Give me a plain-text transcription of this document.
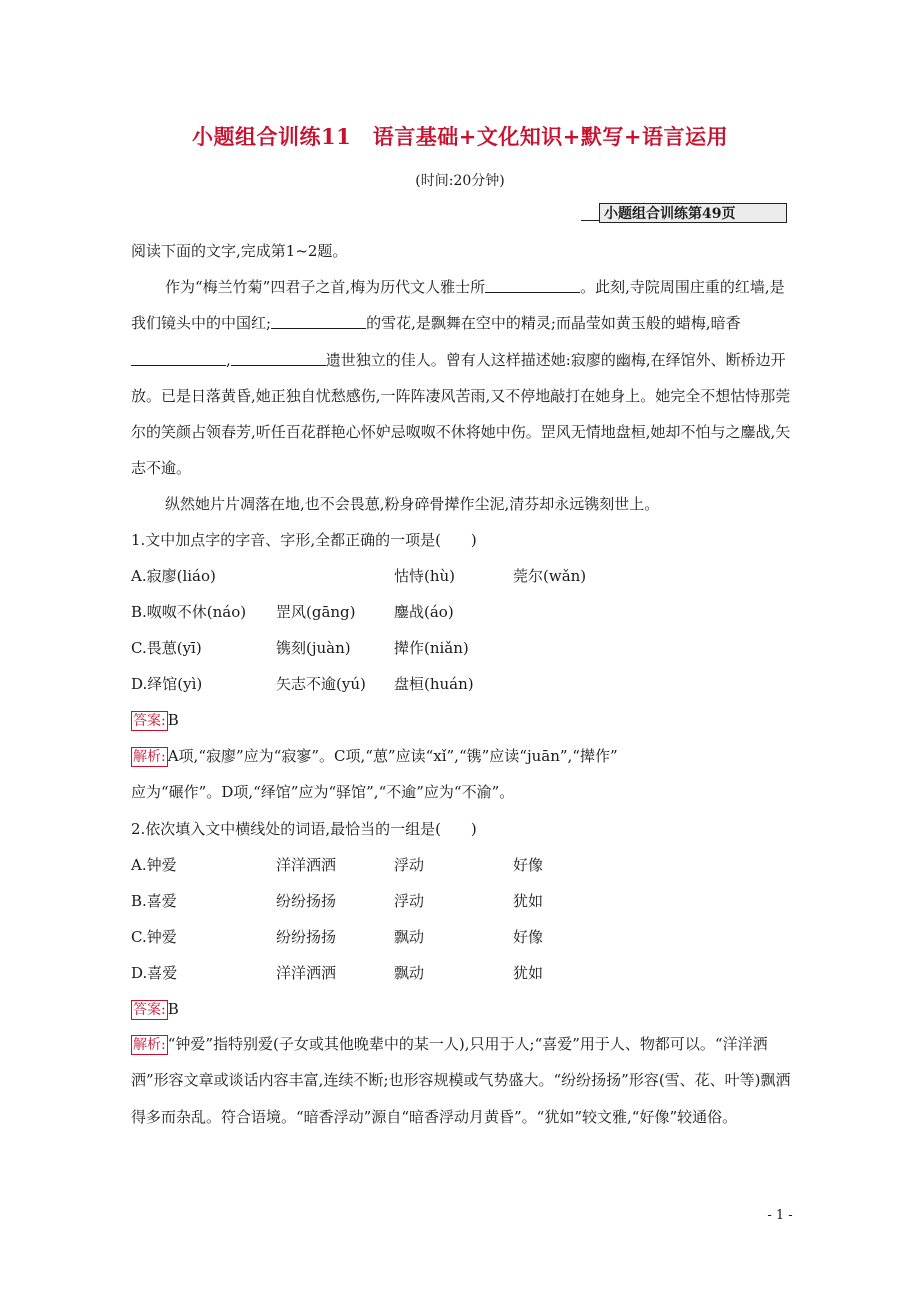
小题组合训练11　语言基础+文化知识+默写+语言运用
(时间:20分钟)
小题组合训练第49页
阅读下面的文字,完成第1~2题。

作为“梅兰竹菊”四君子之首,梅为历代文人雅士所	。此刻,寺院周围庄重的红墙,是我们镜头中的中国红;	的雪花,是飘舞在空中的精灵;而晶莹如黄玉般的蜡梅,暗香,	遗世独立的佳人。曾有人这样描述她:寂廖的幽梅,在绎馆外、断桥边开放。已是日落黄昏,她正独自忧愁感伤,一阵阵凄风苦雨,又不停地敲打在她身上。她完全不想怙恃那莞尔的笑颜占领春芳,听任百花群艳心怀妒忌呶呶不休将她中伤。罡风无情地盘桓,她却不怕与之鏖战,矢志不逾。

纵然她片片凋落在地,也不会畏葸,粉身碎骨撵作尘泥,清芬却永远镌刻世上。

1.文中加点字的字音、字形,全都正确的一项是(　　)
A.寂廖(liáo)	怙恃(hù)	莞尔(wǎn)
B.呶呶不休(náo) 罡风(gāng)	鏖战(áo)
C.畏葸(yī)	镌刻(juàn)	撵作(niǎn)
D.绎馆(yì)	矢志不逾(yú) 盘桓(huán)
答案: B
解析: A项,“寂廖”应为“寂寥”。C项,“葸”应读“xǐ”,“镌”应读“juān”,“撵作”
应为“碾作”。D项,“绎馆”应为“驿馆”,“不逾”应为“不渝”。
2.依次填入文中横线处的词语,最恰当的一组是(　　)
A.钟爱	洋洋洒洒	浮动	好像
B.喜爱	纷纷扬扬	浮动	犹如
C.钟爱	纷纷扬扬	飘动	好像
D.喜爱	洋洋洒洒	飘动	犹如
答案: B

解析: “钟爱”指特别爱(子女或其他晚辈中的某一人),只用于人;“喜爱”用于人、物都可以。“洋洋洒洒”形容文章或谈话内容丰富,连续不断;也形容规模或气势盛大。“纷纷扬扬”形容(雪、花、叶等)飘洒得多而杂乱。符合语境。“暗香浮动”源自“暗香浮动月黄昏”。“犹如”较文雅,“好像”较通俗。

- 1 -
